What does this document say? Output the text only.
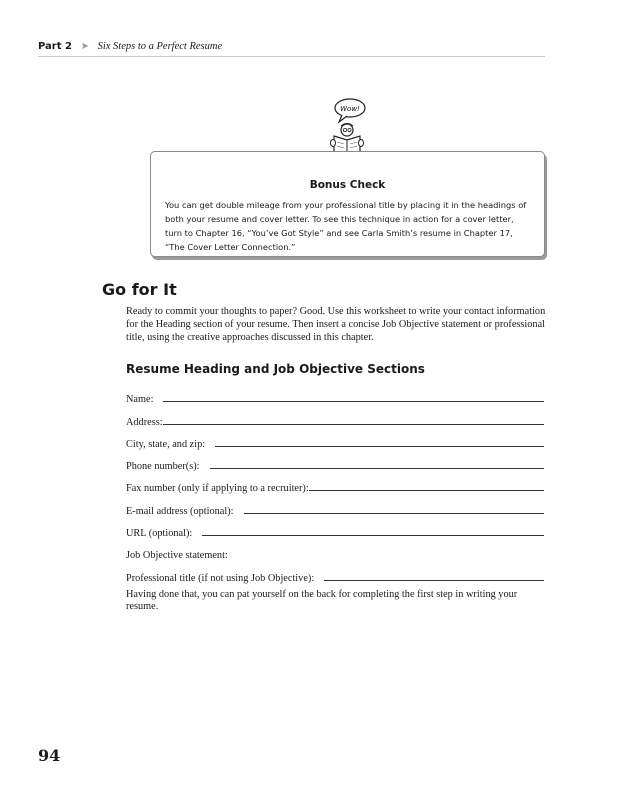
Part 2 ➤ Six Steps to a Perfect Resume
Wow!
Bonus Check
You can get double mileage from your professional title by placing it in the headings of both your resume and cover letter. To see this technique in action for a cover letter, turn to Chapter 16, “You’ve Got Style” and see Carla Smith’s resume in Chapter 17, “The Cover Letter Connection.”
Go for It
Ready to commit your thoughts to paper? Good. Use this worksheet to write your contact information for the Heading section of your resume. Then insert a concise Job Objective statement or professional title, using the creative approaches discussed in this chapter.
Resume Heading and Job Objective Sections
Name:
Address:
City, state, and zip:
Phone number(s):
Fax number (only if applying to a recruiter):
E-mail address (optional):
URL (optional):
Job Objective statement:
Professional title (if not using Job Objective):
Having done that, you can pat yourself on the back for completing the first step in writing your resume.
94
